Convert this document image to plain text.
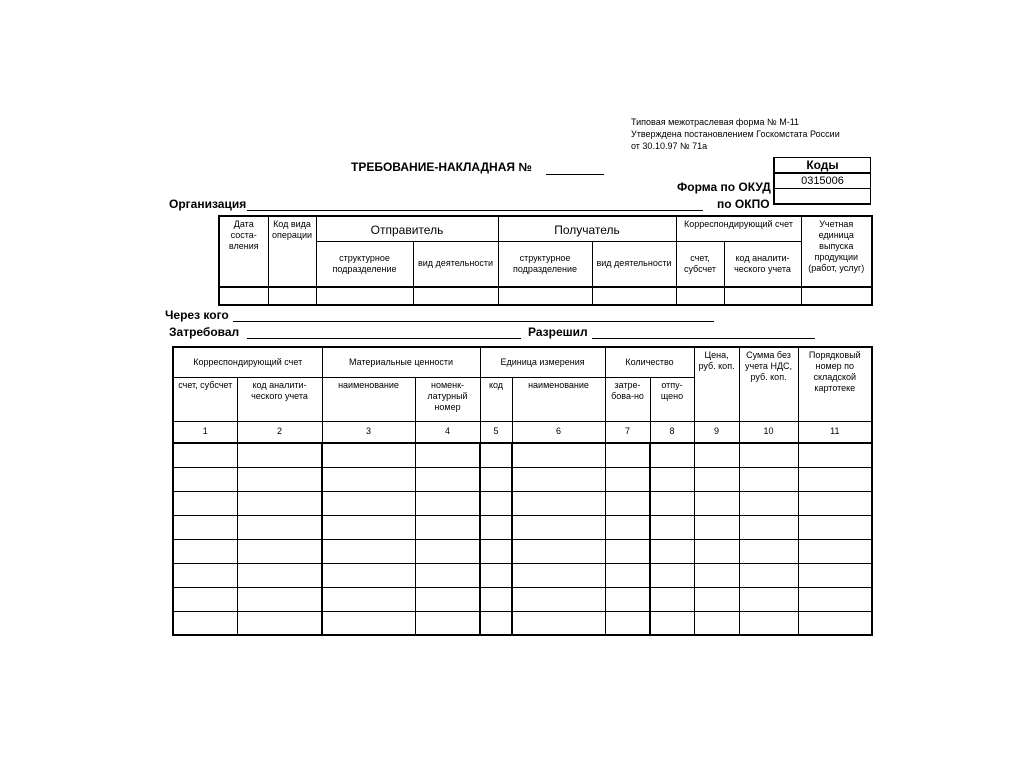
Типовая межотраслевая форма № М-11
Утверждена постановлением Госкомстата России
от 30.10.97 № 71а
ТРЕБОВАНИЕ-НАКЛАДНАЯ №	Коды
0315006

Форма по ОКУД
по ОКПО
Организация
Дата соста-вления	Код вида операции	Отправитель		Получатель		Корреспондирующий счет		Учетная единица выпуска продукции (работ, услуг)
		структурное подразделение	вид деятельности	структурное подразделение	вид деятельности	счет, субсчет	код аналити-ческого учета	

Через кого
Затребовал	Разрешил
Корреспондирующий счет		Материальные ценности		Единица измерения		Количество		Цена, руб. коп.	Сумма без учета НДС, руб. коп.	Порядковый номер по складской картотеке
счет, субсчет	код аналити-ческого учета	наименование	номенк-латурный номер	код	наименование	затре-бова-но	отпу-щено			
1	2	3	4	5	6	7	8	9	10	11
